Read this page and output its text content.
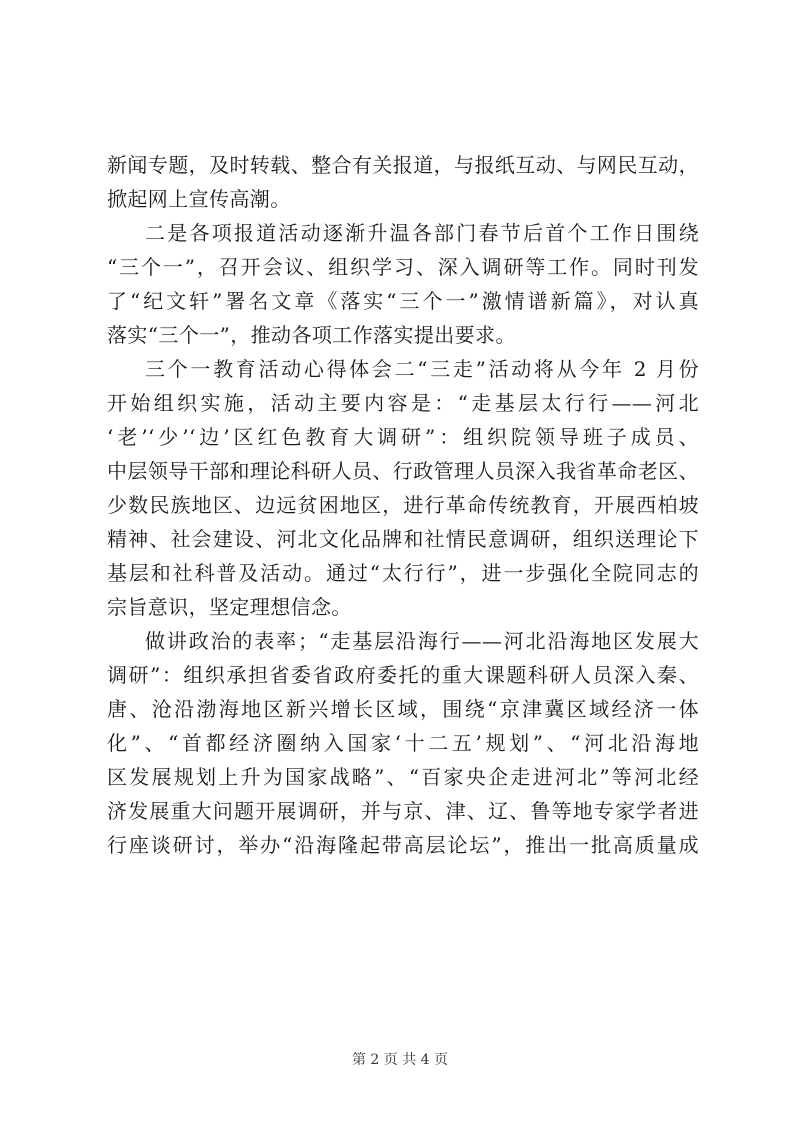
新闻专题，及时转载、整合有关报道，与报纸互动、与网民互动，
掀起网上宣传高潮。
二是各项报道活动逐渐升温各部门春节后首个工作日围绕
“三个一”，召开会议、组织学习、深入调研等工作。同时刊发
了“纪文轩”署名文章《落实“三个一”激情谱新篇》，对认真
落实“三个一”，推动各项工作落实提出要求。
三个一教育活动心得体会二“三走”活动将从今年 2 月份
开始组织实施，活动主要内容是：“走基层太行行——河北
‘老’‘少’‘边’区红色教育大调研”：组织院领导班子成员、
中层领导干部和理论科研人员、行政管理人员深入我省革命老区、
少数民族地区、边远贫困地区，进行革命传统教育，开展西柏坡
精神、社会建设、河北文化品牌和社情民意调研，组织送理论下
基层和社科普及活动。通过“太行行”，进一步强化全院同志的
宗旨意识，坚定理想信念。
做讲政治的表率；“走基层沿海行——河北沿海地区发展大
调研”：组织承担省委省政府委托的重大课题科研人员深入秦、
唐、沧沿渤海地区新兴增长区域，围绕“京津冀区域经济一体
化”、“首都经济圈纳入国家‘十二五’规划”、“河北沿海地
区发展规划上升为国家战略”、“百家央企走进河北”等河北经
济发展重大问题开展调研，并与京、津、辽、鲁等地专家学者进
行座谈研讨，举办“沿海隆起带高层论坛”，推出一批高质量成
第 2 页 共 4 页
